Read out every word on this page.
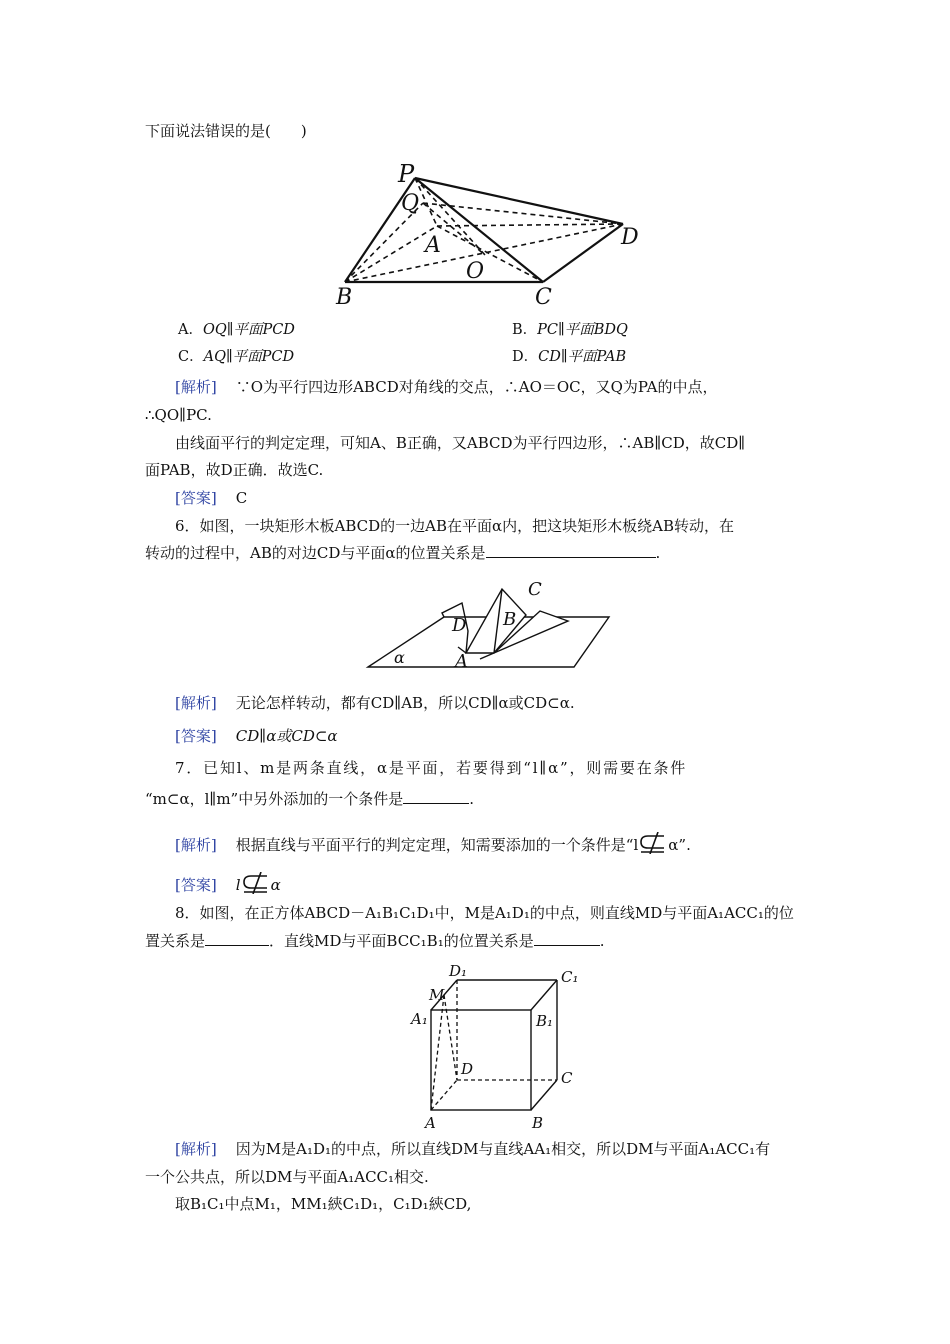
下面说法错误的是(　　)
P
Q
A
O
D
B	C
A．OQ∥平面PCD	B．PC∥平面BDQ
C．AQ∥平面PCD	D．CD∥平面PAB
[解析] ∵O为平行四边形ABCD对角线的交点，∴AO＝OC，又Q为PA的中点，
∴QO∥PC.
由线面平行的判定定理，可知A、B正确，又ABCD为平行四边形，∴AB∥CD，故CD∥
面PAB，故D正确．故选C.
[答案] C
6．如图，一块矩形木板ABCD的一边AB在平面α内，把这块矩形木板绕AB转动，在
转动的过程中，AB的对边CD与平面α的位置关系是	.
C
B
D
A
α
[解析] 无论怎样转动，都有CD∥AB，所以CD∥α或CD⊂α.
[答案] CD∥α或CD⊂α
7．已知l、m是两条直线，α是平面，若要得到“l∥α”，则需要在条件
“m⊂α，l∥m”中另外添加的一个条件是	.
[解析] 根据直线与平面平行的判定定理，知需要添加的一个条件是“l α”.
[答案] l α
8．如图，在正方体ABCD－A₁B₁C₁D₁中，M是A₁D₁的中点，则直线MD与平面A₁ACC₁的位
置关系是	．直线MD与平面BCC₁B₁的位置关系是	.
D₁	C₁
M
A₁	B₁
D	C
A	B
[解析] 因为M是A₁D₁的中点，所以直线DM与直线AA₁相交，所以DM与平面A₁ACC₁有
一个公共点，所以DM与平面A₁ACC₁相交.
取B₁C₁中点M₁，MM₁綊C₁D₁，C₁D₁綊CD,
